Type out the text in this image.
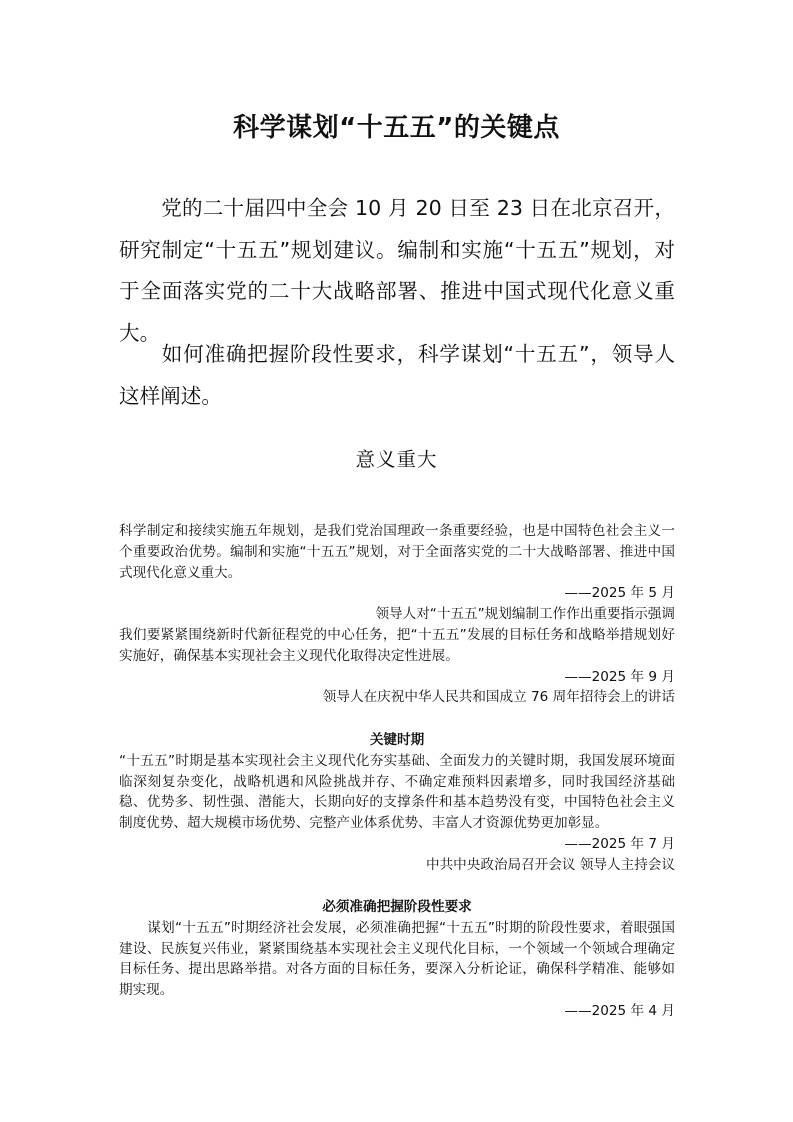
科学谋划“十五五”的关键点

党的二十届四中全会 10 月 20 日至 23 日在北京召开，研究制定“十五五”规划建议。编制和实施“十五五”规划，对于全面落实党的二十大战略部署、推进中国式现代化意义重大。

如何准确把握阶段性要求，科学谋划“十五五”，领导人这样阐述。

意义重大

科学制定和接续实施五年规划，是我们党治国理政一条重要经验，也是中国特色社会主义一个重要政治优势。编制和实施“十五五”规划，对于全面落实党的二十大战略部署、推进中国式现代化意义重大。

——2025 年 5 月

领导人对“十五五”规划编制工作作出重要指示强调

我们要紧紧围绕新时代新征程党的中心任务，把“十五五”发展的目标任务和战略举措规划好实施好，确保基本实现社会主义现代化取得决定性进展。

——2025 年 9 月

领导人在庆祝中华人民共和国成立 76 周年招待会上的讲话

关键时期

“十五五”时期是基本实现社会主义现代化夯实基础、全面发力的关键时期，我国发展环境面临深刻复杂变化，战略机遇和风险挑战并存、不确定难预料因素增多，同时我国经济基础稳、优势多、韧性强、潜能大，长期向好的支撑条件和基本趋势没有变，中国特色社会主义制度优势、超大规模市场优势、完整产业体系优势、丰富人才资源优势更加彰显。

——2025 年 7 月

中共中央政治局召开会议 领导人主持会议

必须准确把握阶段性要求

谋划“十五五”时期经济社会发展，必须准确把握“十五五”时期的阶段性要求，着眼强国建设、民族复兴伟业，紧紧围绕基本实现社会主义现代化目标，一个领域一个领域合理确定目标任务、提出思路举措。对各方面的目标任务，要深入分析论证，确保科学精准、能够如期实现。

——2025 年 4 月
